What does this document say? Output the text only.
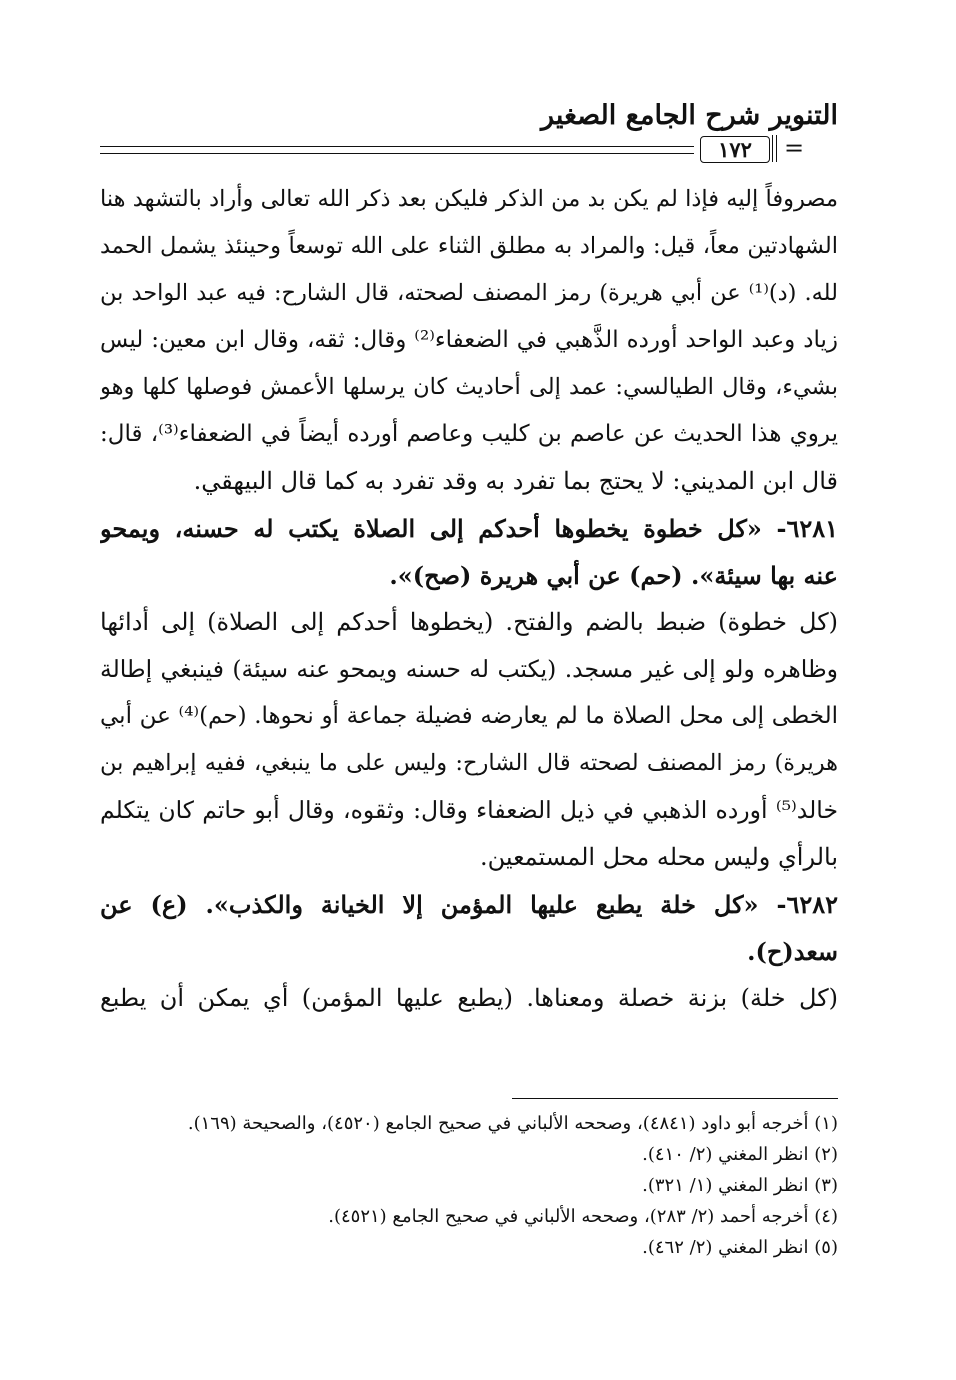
التنوير شرح الجامع الصغير
١٧٢	=
مصروفاً إليه فإذا لم يكن بد من الذكر فليكن بعد ذكر الله تعالى وأراد بالتشهد هنا
الشهادتين معاً، قيل: والمراد به مطلق الثناء على الله توسعاً وحينئذ يشمل الحمد
لله. (د)⁽¹⁾ عن أبي هريرة) رمز المصنف لصحته، قال الشارح: فيه عبد الواحد بن
زياد وعبد الواحد أورده الذَّهبي في الضعفاء⁽²⁾ وقال: ثقه، وقال ابن معين: ليس
بشيء، وقال الطيالسي: عمد إلى أحاديث كان يرسلها الأعمش فوصلها كلها وهو
يروي هذا الحديث عن عاصم بن كليب وعاصم أورده أيضاً في الضعفاء⁽³⁾، قال:
قال ابن المديني: لا يحتج بما تفرد به وقد تفرد به كما قال البيهقي.
٦٢٨١- «كل خطوة يخطوها أحدكم إلى الصلاة يكتب له حسنه، ويمحو
عنه بها سيئة». (حم) عن أبي هريرة (صح)».
(كل خطوة) ضبط بالضم والفتح. (يخطوها أحدكم إلى الصلاة) إلى أدائها
وظاهره ولو إلى غير مسجد. (يكتب له حسنه ويمحو عنه سيئة) فينبغي إطالة
الخطى إلى محل الصلاة ما لم يعارضه فضيلة جماعة أو نحوها. (حم)⁽⁴⁾ عن أبي
هريرة) رمز المصنف لصحته قال الشارح: وليس على ما ينبغي، ففيه إبراهيم بن
خالد⁽⁵⁾ أورده الذهبي في ذيل الضعفاء وقال: وثقوه، وقال أبو حاتم كان يتكلم
بالرأي وليس محله محل المستمعين.
٦٢٨٢- «كل خلة يطبع عليها المؤمن إلا الخيانة والكذب». (ع) عن
سعد(ح).
(كل خلة) بزنة خصلة ومعناها. (يطبع عليها المؤمن) أي يمكن أن يطبع
(١) أخرجه أبو داود (٤٨٤١)، وصححه الألباني في صحيح الجامع (٤٥٢٠)، والصحيحة (١٦٩).
(٢) انظر المغني (٢/ ٤١٠).
(٣) انظر المغني (١/ ٣٢١).
(٤) أخرجه أحمد (٢/ ٢٨٣)، وصححه الألباني في صحيح الجامع (٤٥٢١).
(٥) انظر المغني (٢/ ٤٦٢).
